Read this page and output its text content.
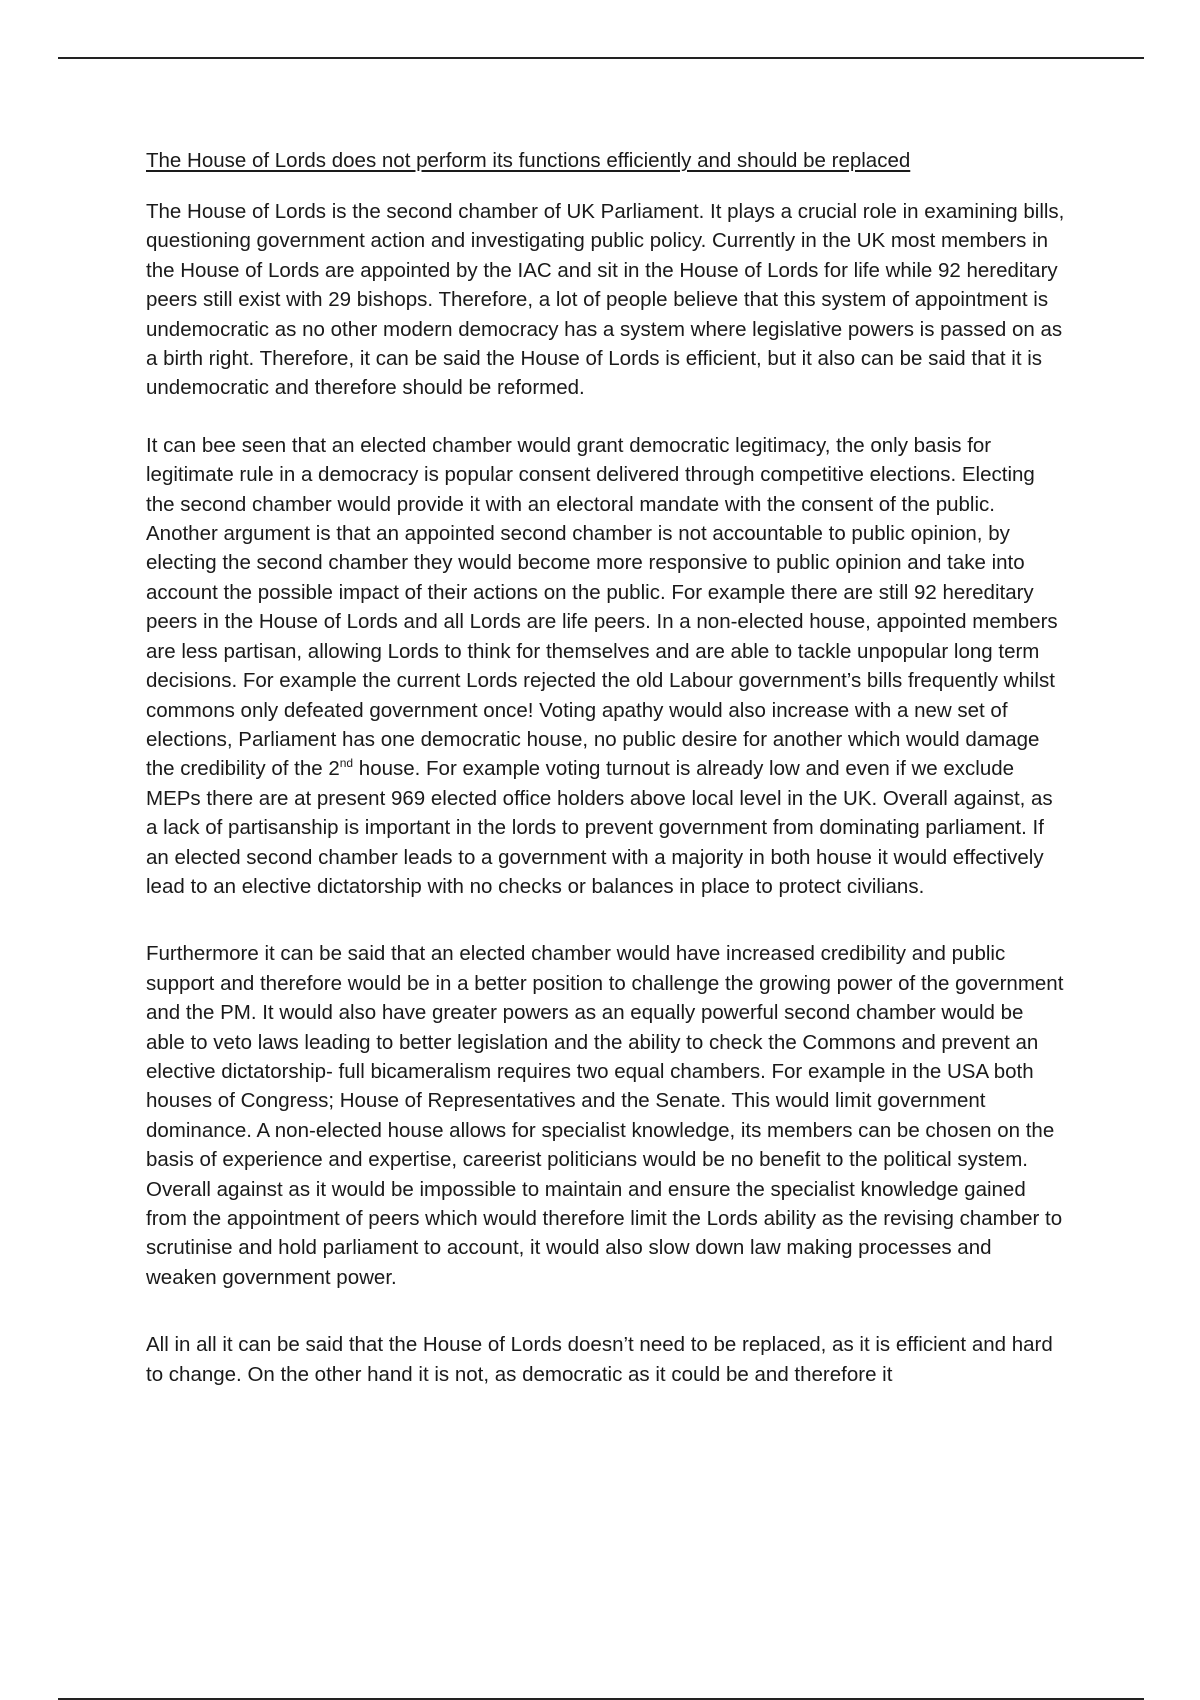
The House of Lords does not perform its functions efficiently and should be replaced

The House of Lords is the second chamber of UK Parliament. It plays a crucial role in examining bills, questioning government action and investigating public policy. Currently in the UK most members in the House of Lords are appointed by the IAC and sit in the House of Lords for life while 92 hereditary peers still exist with 29 bishops. Therefore, a lot of people believe that this system of appointment is undemocratic as no other modern democracy has a system where legislative powers is passed on as a birth right. Therefore, it can be said the House of Lords is efficient, but it also can be said that it is undemocratic and therefore should be reformed.

It can bee seen that an elected chamber would grant democratic legitimacy, the only basis for legitimate rule in a democracy is popular consent delivered through competitive elections. Electing the second chamber would provide it with an electoral mandate with the consent of the public. Another argument is that an appointed second chamber is not accountable to public opinion, by electing the second chamber they would become more responsive to public opinion and take into account the possible impact of their actions on the public. For example there are still 92 hereditary peers in the House of Lords and all Lords are life peers. In a non-elected house, appointed members are less partisan, allowing Lords to think for themselves and are able to tackle unpopular long term decisions. For example the current Lords rejected the old Labour government’s bills frequently whilst commons only defeated government once! Voting apathy would also increase with a new set of elections, Parliament has one democratic house, no public desire for another which would damage the credibility of the 2nd house. For example voting turnout is already low and even if we exclude MEPs there are at present 969 elected office holders above local level in the UK. Overall against, as a lack of partisanship is important in the lords to prevent government from dominating parliament. If an elected second chamber leads to a government with a majority in both house it would effectively lead to an elective dictatorship with no checks or balances in place to protect civilians.

Furthermore it can be said that an elected chamber would have increased credibility and public support and therefore would be in a better position to challenge the growing power of the government and the PM. It would also have greater powers as an equally powerful second chamber would be able to veto laws leading to better legislation and the ability to check the Commons and prevent an elective dictatorship- full bicameralism requires two equal chambers. For example in the USA both houses of Congress; House of Representatives and the Senate. This would limit government dominance. A non-elected house allows for specialist knowledge, its members can be chosen on the basis of experience and expertise, careerist politicians would be no benefit to the political system. Overall against as it would be impossible to maintain and ensure the specialist knowledge gained from the appointment of peers which would therefore limit the Lords ability as the revising chamber to scrutinise and hold parliament to account, it would also slow down law making processes and weaken government power.

All in all it can be said that the House of Lords doesn’t need to be replaced, as it is efficient and hard to change. On the other hand it is not, as democratic as it could be and therefore it
